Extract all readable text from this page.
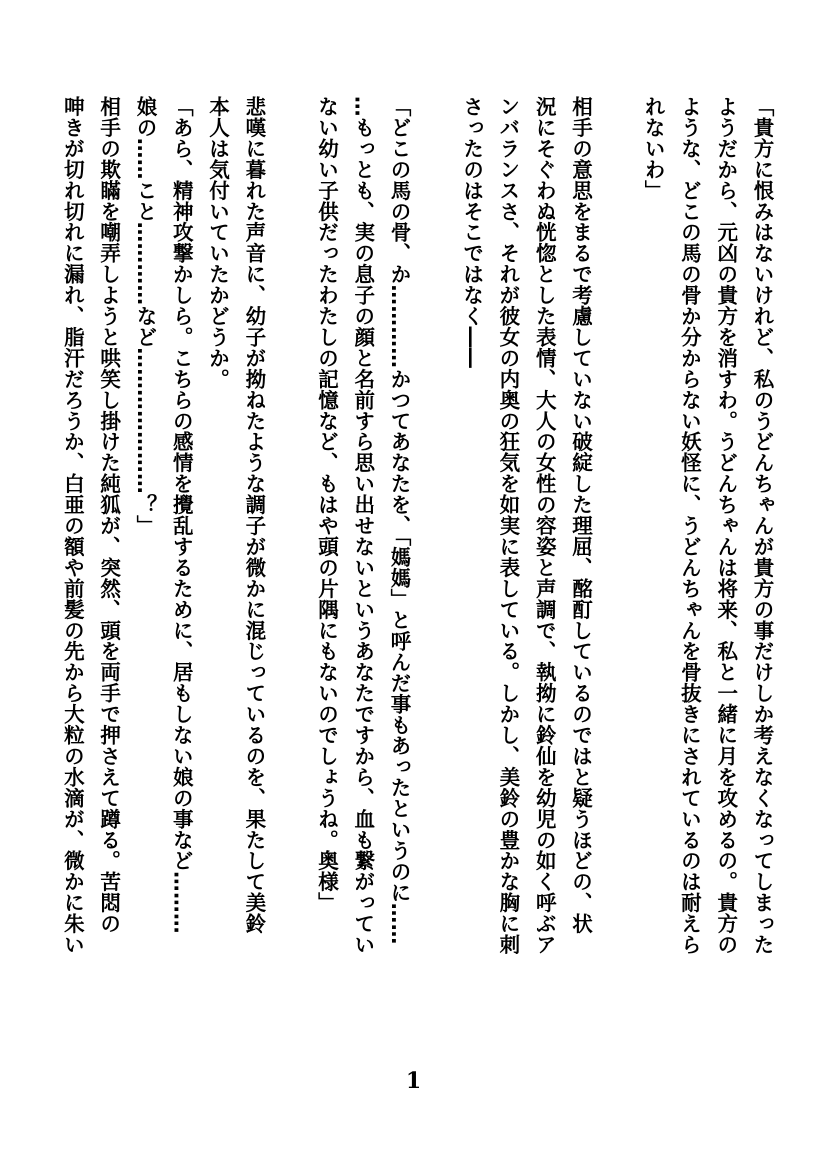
「貴方に恨みはないけれど、私のうどんちゃんが貴方の事だけしか考えなくなってしまった
ようだから、元凶の貴方を消すわ。うどんちゃんは将来、私と一緒に月を攻めるの。貴方の
ような、どこの馬の骨か分からない妖怪に、うどんちゃんを骨抜きにされているのは耐えら
れないわ」
相手の意思をまるで考慮していない破綻した理屈、酩酊しているのではと疑うほどの、状
況にそぐわぬ恍惚とした表情、大人の女性の容姿と声調で、執拗に鈴仙を幼児の如く呼ぶア
ンバランスさ、それが彼女の内奥の狂気を如実に表している。しかし、美鈴の豊かな胸に刺
さったのはそこではなく――
「どこの馬の骨、か…………かつてあなたを、「媽媽」と呼んだ事もあったというのに……
…もっとも、実の息子の顔と名前すら思い出せないというあなたですから、血も繋がってい
ない幼い子供だったわたしの記憶など、もはや頭の片隅にもないのでしょうね。奥様」
悲嘆に暮れた声音に、幼子が拗ねたような調子が微かに混じっているのを、果たして美鈴
本人は気付いていたかどうか。
「あら、精神攻撃かしら。こちらの感情を攪乱するために、居もしない娘の事など………
娘の……こと…………など…………………？」
相手の欺瞞を嘲弄しようと哄笑し掛けた純狐が、突然、頭を両手で押さえて蹲る。苦悶の
呻きが切れ切れに漏れ、脂汗だろうか、白亜の額や前髪の先から大粒の水滴が、微かに朱い
1
